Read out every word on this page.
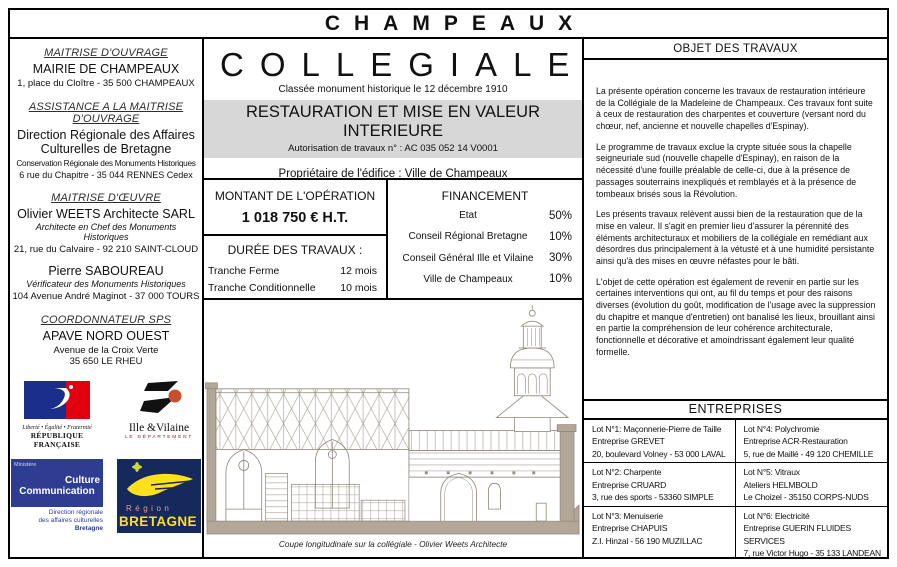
CHAMPEAUX
MAITRISE D'OUVRAGE
MAIRIE DE CHAMPEAUX
1, place du Cloître - 35 500 CHAMPEAUX
ASSISTANCE A LA MAITRISE
D'OUVRAGE
Direction Régionale des Affaires
Culturelles de Bretagne
Conservation Régionale des Monuments Historiques
6 rue du Chapitre - 35 044 RENNES Cedex
MAITRISE D'ŒUVRE
Olivier WEETS Architecte SARL
Architecte en Chef des Monuments Historiques
21, rue du Calvaire - 92 210 SAINT-CLOUD
Pierre SABOUREAU
Vérificateur des Monuments Historiques
104 Avenue André Maginot - 37 000 TOURS
COORDONNATEUR SPS
APAVE NORD OUEST
Avenue de la Croix Verte
35 650 LE RHEU
Liberté • Égalité • Fraternité
RÉPUBLIQUE FRANÇAISE
Ille &Vilaine
LE DÉPARTEMENT
Ministère
Culture
Communication
Direction régionale
des affaires culturelles
Bretagne
Région
BRETAGNE
COLLEGIALE
Classée monument historique le 12 décembre 1910
RESTAURATION ET MISE EN VALEUR INTERIEURE
Autorisation de travaux n° : AC 035 052 14 V0001
Propriétaire de l'édifice : Ville de Champeaux
MONTANT DE L'OPÉRATION
1 018 750 € H.T.
DURÉE DES TRAVAUX :
Tranche Ferme	12 mois
Tranche Conditionnelle 10 mois
FINANCEMENT
Etat	50%
Conseil Régional Bretagne	10%
Conseil Général Ille et Vilaine	30%
Ville de Champeaux	10%
Coupe longitudinale sur la collégiale - Olivier Weets Architecte
OBJET DES TRAVAUX

La présente opération concerne les travaux de restauration intérieure de la Collégiale de la Madeleine de Champeaux. Ces travaux font suite à ceux de restauration des charpentes et couverture (versant nord du chœur, nef, ancienne et nouvelle chapelles d'Espinay).

Le programme de travaux exclue la crypte située sous la chapelle seigneuriale sud (nouvelle chapelle d'Espinay), en raison de la nécessité d'une fouille préalable de celle-ci, due à la présence de passages souterrains inexpliqués et remblayés et à la présence de tombeaux brisés sous la Révolution.

Les présents travaux relèvent aussi bien de la restauration que de la mise en valeur. Il s'agit en premier lieu d'assurer la pérennité des éléments architecturaux et mobiliers de la collégiale en remédiant aux désordres dus principalement à la vétusté et à une humidité persistante ainsi qu'à des mises en œuvre néfastes pour le bâti.

L'objet de cette opération est également de revenir en partie sur les certaines interventions qui ont, au fil du temps et pour des raisons diverses (évolution du goût, modification de l'usage avec la suppression du chapitre et manque d'entretien) ont banalisé les lieux, brouillant ainsi en partie la compréhension de leur cohérence architecturale, fonctionnelle et décorative et amoindrissant également leur qualité formelle.

ENTREPRISES
Lot N°1: Maçonnerie-Pierre de Taille
Entreprise GREVET
20, boulevard Volney - 53 000 LAVAL
Lot N°4: Polychromie
Entreprise ACR-Restauration
5, rue de Maillé - 49 120 CHEMILLE
Lot N°2: Charpente
Entreprise CRUARD
3, rue des sports - 53360 SIMPLE
Lot N°5: Vitraux
Ateliers HELMBOLD
Le Choizel - 35150 CORPS-NUDS
Lot N°3: Menuiserie
Entreprise CHAPUIS
Z.I. Hinzal - 56 190 MUZILLAC
Lot N°6: Electricité
Entreprise GUERIN FLUIDES SERVICES
7, rue Victor Hugo - 35 133 LANDEAN
